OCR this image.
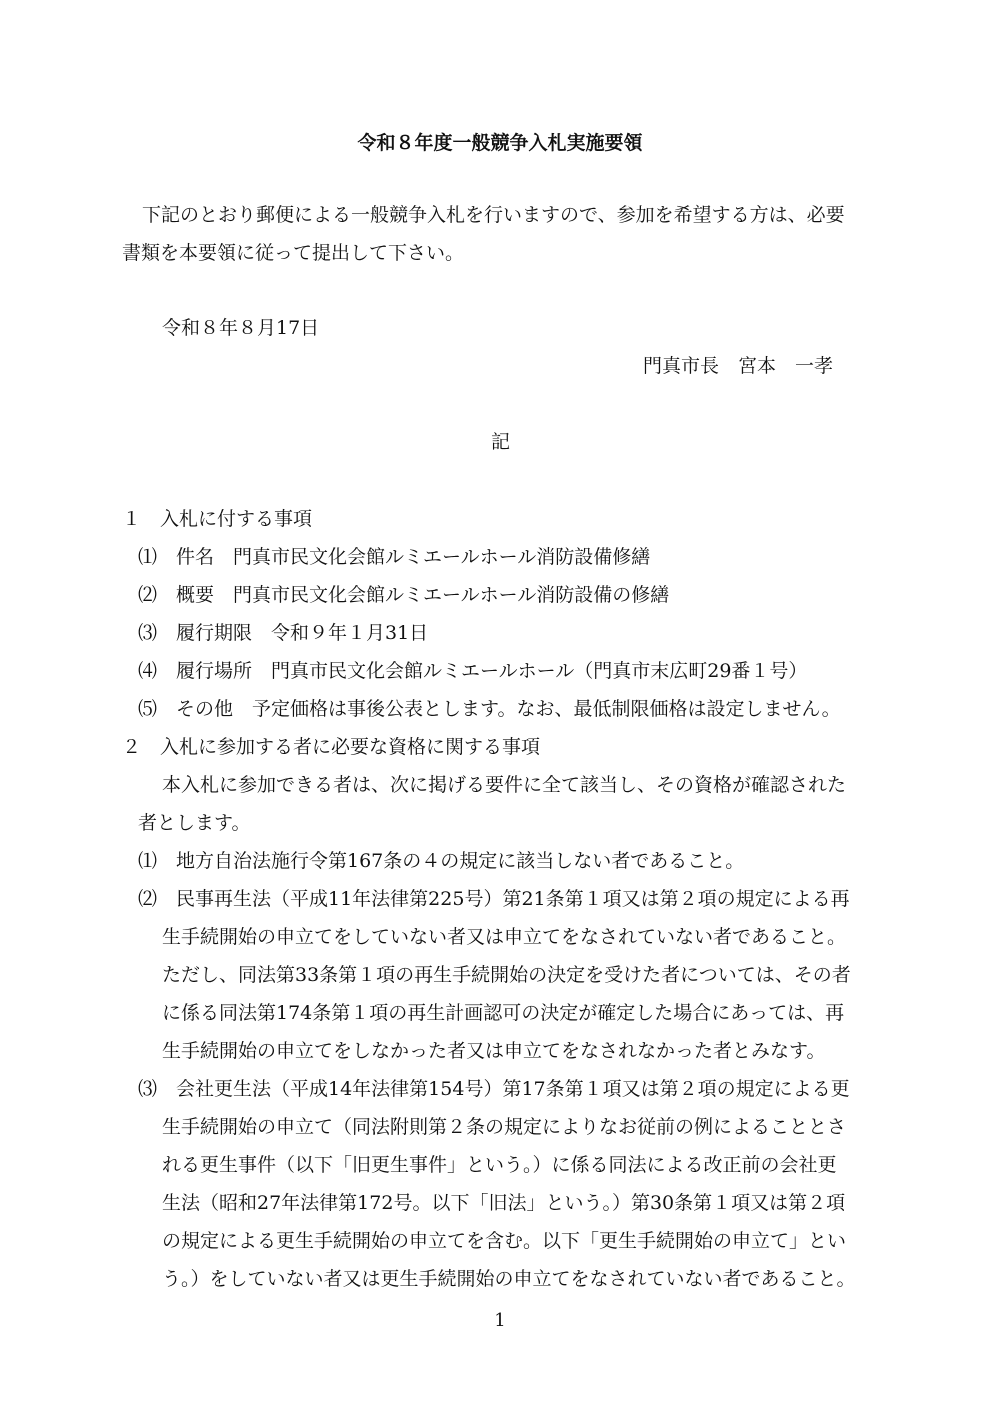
令和８年度一般競争入札実施要領
下記のとおり郵便による一般競争入札を行いますので、参加を希望する方は、必要
書類を本要領に従って提出して下さい。
令和８年８月17日
門真市長　宮本　一孝
記
１　入札に付する事項
⑴　件名　門真市民文化会館ルミエールホール消防設備修繕
⑵　概要　門真市民文化会館ルミエールホール消防設備の修繕
⑶　履行期限　令和９年１月31日
⑷　履行場所　門真市民文化会館ルミエールホール（門真市末広町29番１号）
⑸　その他　予定価格は事後公表とします。なお、最低制限価格は設定しません。
２　入札に参加する者に必要な資格に関する事項
本入札に参加できる者は、次に掲げる要件に全て該当し、その資格が確認された
者とします。
⑴　地方自治法施行令第167条の４の規定に該当しない者であること。
⑵　民事再生法（平成11年法律第225号）第21条第１項又は第２項の規定による再
生手続開始の申立てをしていない者又は申立てをなされていない者であること。
ただし、同法第33条第１項の再生手続開始の決定を受けた者については、その者
に係る同法第174条第１項の再生計画認可の決定が確定した場合にあっては、再
生手続開始の申立てをしなかった者又は申立てをなされなかった者とみなす。
⑶　会社更生法（平成14年法律第154号）第17条第１項又は第２項の規定による更
生手続開始の申立て（同法附則第２条の規定によりなお従前の例によることとさ
れる更生事件（以下「旧更生事件」という。）に係る同法による改正前の会社更
生法（昭和27年法律第172号。以下「旧法」という。）第30条第１項又は第２項
の規定による更生手続開始の申立てを含む。以下「更生手続開始の申立て」とい
う。）をしていない者又は更生手続開始の申立てをなされていない者であること。
1
